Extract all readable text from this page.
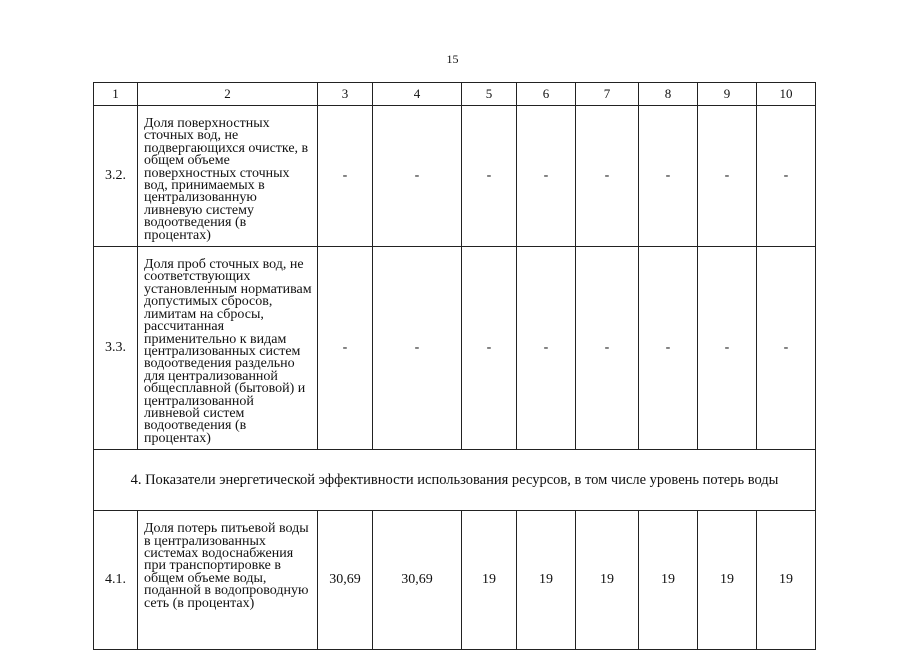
15
1	2	3	4	5	6	7	8	9	10
3.2.	Доля поверхностных сточных вод, не подвергающихся очистке, в общем объеме поверхностных сточных вод, принимаемых в централизованную ливневую систему водоотведения (в процентах)	-	-	-	-	-	-	-	-
3.3.	Доля проб сточных вод, не соответствующих установленным нормативам допустимых сбросов, лимитам на сбросы, рассчитанная применительно к видам централизованных систем водоотведения раздельно для централизованной общесплавной (бытовой) и централизованной ливневой систем водоотведения (в процентах)	-	-	-	-	-	-	-	-
4. Показатели энергетической эффективности использования ресурсов, в том числе уровень потерь воды									
4.1.	Доля потерь питьевой воды в централизованных системах водоснабжения при транспортировке в общем объеме воды, поданной в водопроводную сеть (в процентах)	30,69	30,69	19	19	19	19	19	19
